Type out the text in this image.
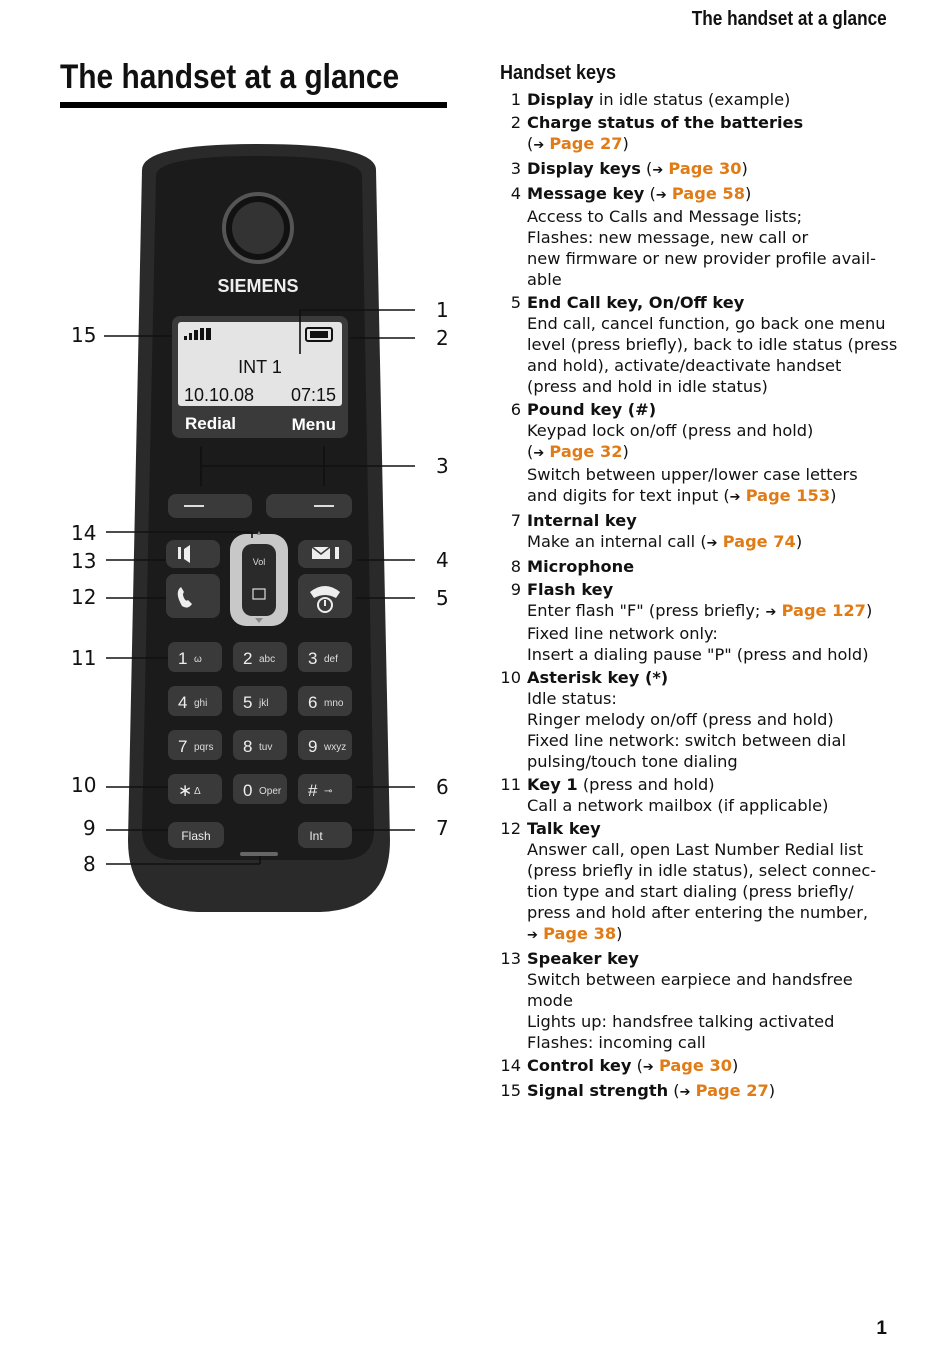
The handset at a glance
The handset at a glance
INT 1
10.10.08 07:15
Redial	Menu
SIEMENS
Vol
1 ω 2 abc 3 def
4 ghi 5 jkl 6 mno
7 pqrs 8 tuv 9 wxyz
∗ Δ 0 Oper # ⊸
Flash	Int
1
2
3
4
5
6
7
8
9
10
11
12
13
14
15
Handset keys
1 Display in idle status (example)
2 Charge status of the batteries
(➔ Page 27)
3 Display keys (➔ Page 30)
4 Message key (➔ Page 58)
Access to Calls and Message lists;
Flashes: new message, new call or
new firmware or new provider profile avail-
able
5 End Call key, On/Off key
End call, cancel function, go back one menu
level (press briefly), back to idle status (press
and hold), activate/deactivate handset
(press and hold in idle status)
6 Pound key (#)
Keypad lock on/off (press and hold)
(➔ Page 32)
Switch between upper/lower case letters
and digits for text input (➔ Page 153)
7 Internal key
Make an internal call (➔ Page 74)
8 Microphone
9 Flash key
Enter flash "F" (press briefly; ➔ Page 127)
Fixed line network only:
Insert a dialing pause "P" (press and hold)
10 Asterisk key (*)
Idle status:
Ringer melody on/off (press and hold)
Fixed line network: switch between dial
pulsing/touch tone dialing
11 Key 1 (press and hold)
Call a network mailbox (if applicable)
12 Talk key
Answer call, open Last Number Redial list
(press briefly in idle status), select connec-
tion type and start dialing (press briefly/
press and hold after entering the number,
➔ Page 38)
13 Speaker key
Switch between earpiece and handsfree
mode
Lights up: handsfree talking activated
Flashes: incoming call
14 Control key (➔ Page 30)
15 Signal strength (➔ Page 27)
1
